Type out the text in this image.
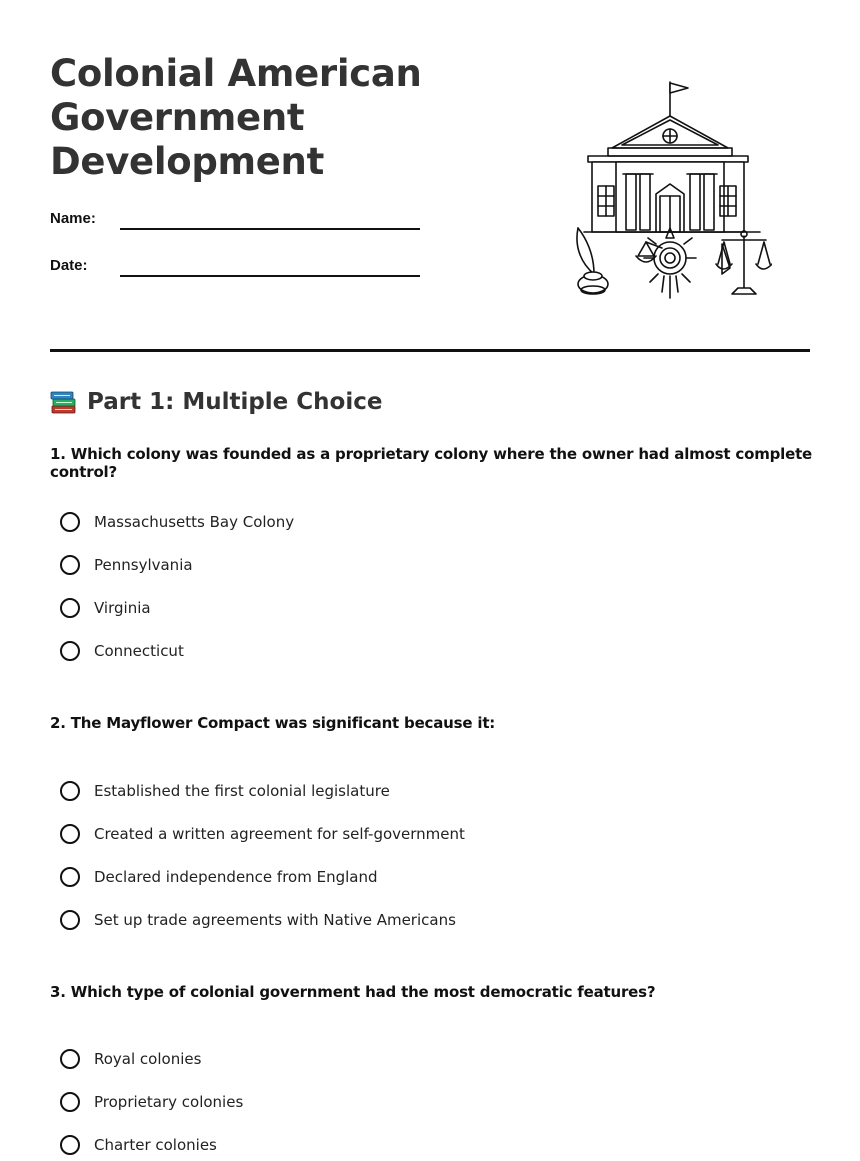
Colonial American Government Development
Name:
Date:
Part 1: Multiple Choice
1. Which colony was founded as a proprietary colony where the owner had almost complete control?
Massachusetts Bay Colony
Pennsylvania
Virginia
Connecticut
2. The Mayflower Compact was significant because it:
Established the first colonial legislature
Created a written agreement for self-government
Declared independence from England
Set up trade agreements with Native Americans
3. Which type of colonial government had the most democratic features?
Royal colonies
Proprietary colonies
Charter colonies
